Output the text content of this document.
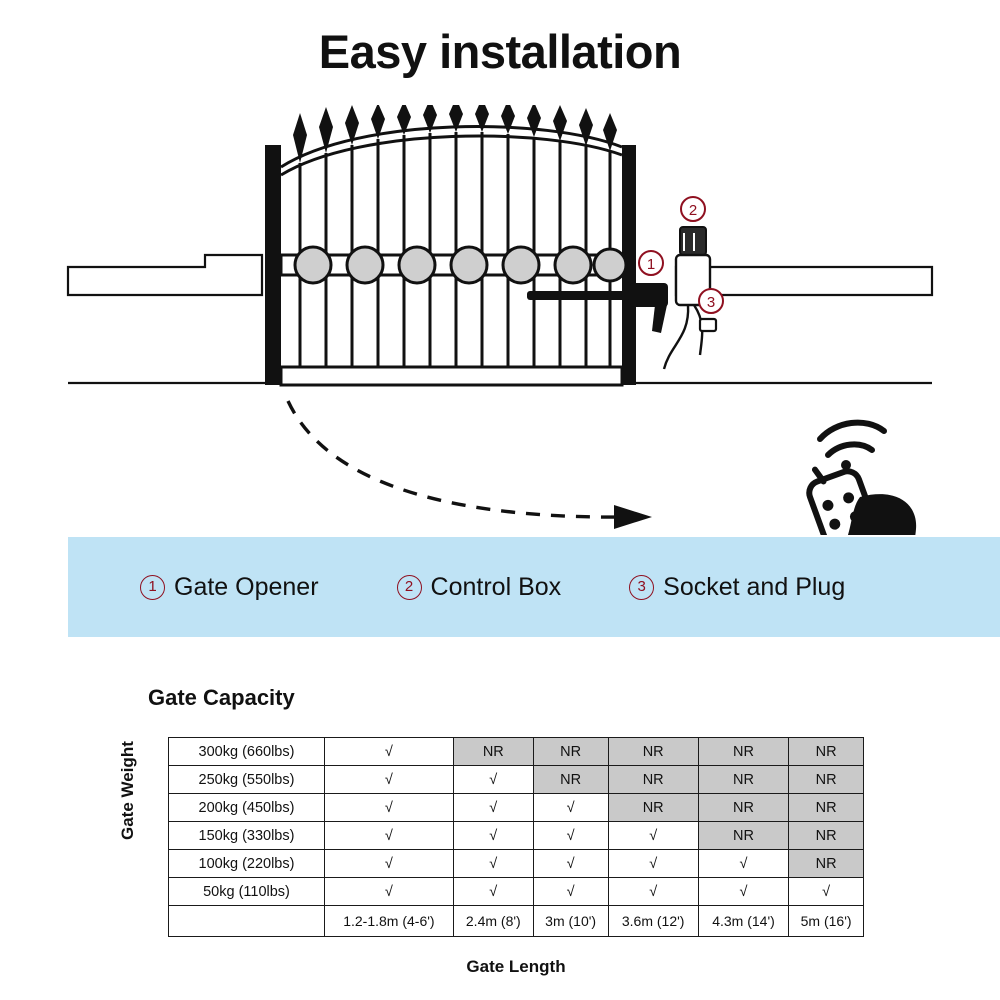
Easy installation
1
2
3
1 Gate Opener	2 Control Box	3 Socket and Plug
Gate Capacity
Gate Weight	300kg (660lbs)	√	NR	NR	NR	NR	NR
250kg (550lbs)	√	√	NR	NR	NR	NR
200kg (450lbs)	√	√	√	NR	NR	NR
150kg (330lbs)	√	√	√	√	NR	NR
100kg (220lbs)	√	√	√	√	√	NR
50kg (110lbs)	√	√	√	√	√	√
	1.2-1.8m (4-6')	2.4m (8')	3m (10')	3.6m (12')	4.3m (14')	5m (16')
Gate Length
